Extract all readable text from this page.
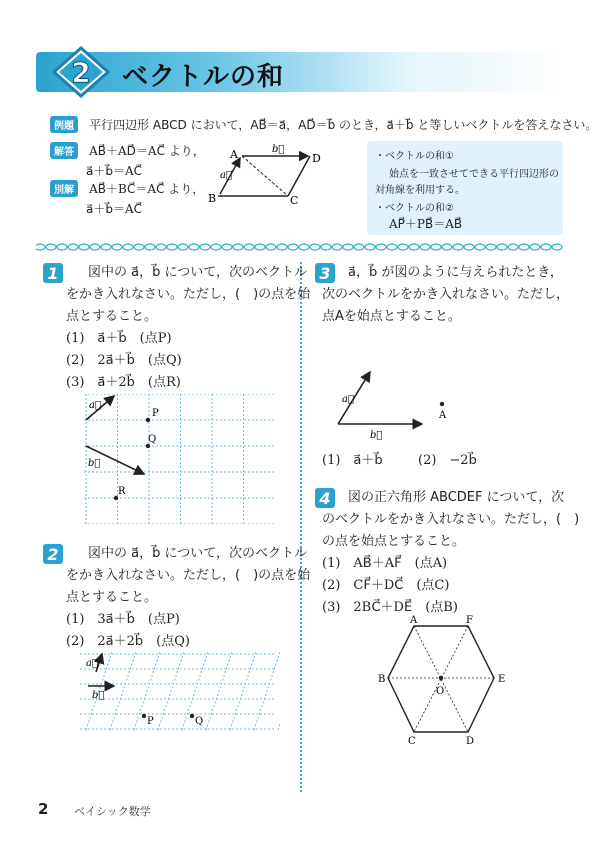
2 ベクトルの和
例題 平行四辺形 ABCD において，AB⃗＝a⃗，AD⃗＝b⃗ のとき，a⃗＋b⃗ と等しいベクトルを答えなさい。
解答 AB⃗＋AD⃗＝AC⃗ より，
a⃗＋b⃗＝AC⃗
別解 AB⃗＋BC⃗＝AC⃗ より，
a⃗＋b⃗＝AC⃗
A
B	C
D
b⃗
a⃗
・ベクトルの和①
始点を一致させてできる平行四辺形の
対角線を利用する。
・ベクトルの和②
AP⃗＋PB⃗＝AB⃗
1 図中の a⃗，b⃗ について，次のベクトル
をかき入れなさい。ただし，(　)の点を始
点とすること。
(1)　a⃗＋b⃗　(点P)
(2)　2a⃗＋b⃗　(点Q)
(3)　a⃗＋2b⃗　(点R)
a⃗
b⃗
P
Q
R
2 図中の a⃗，b⃗ について，次のベクトル
をかき入れなさい。ただし，(　)の点を始
点とすること。
(1)　3a⃗＋b⃗　(点P)
(2)　2a⃗＋2b⃗　(点Q)
a⃗
b⃗
P	Q
3 a⃗，b⃗ が図のように与えられたとき，
次のベクトルをかき入れなさい。ただし，
点Aを始点とすること。
a⃗
b⃗
A
(1)　a⃗＋b⃗	(2)　−2b⃗
4 図の正六角形 ABCDEF について，次
のベクトルをかき入れなさい。ただし，(　)
の点を始点とすること。
(1)　AB⃗＋AF⃗　(点A)
(2)　CF⃗＋DC⃗　(点C)
(3)　2BC⃗＋DE⃗　(点B)
A
B
C	D
E
F
O
2 ベイシック数学
